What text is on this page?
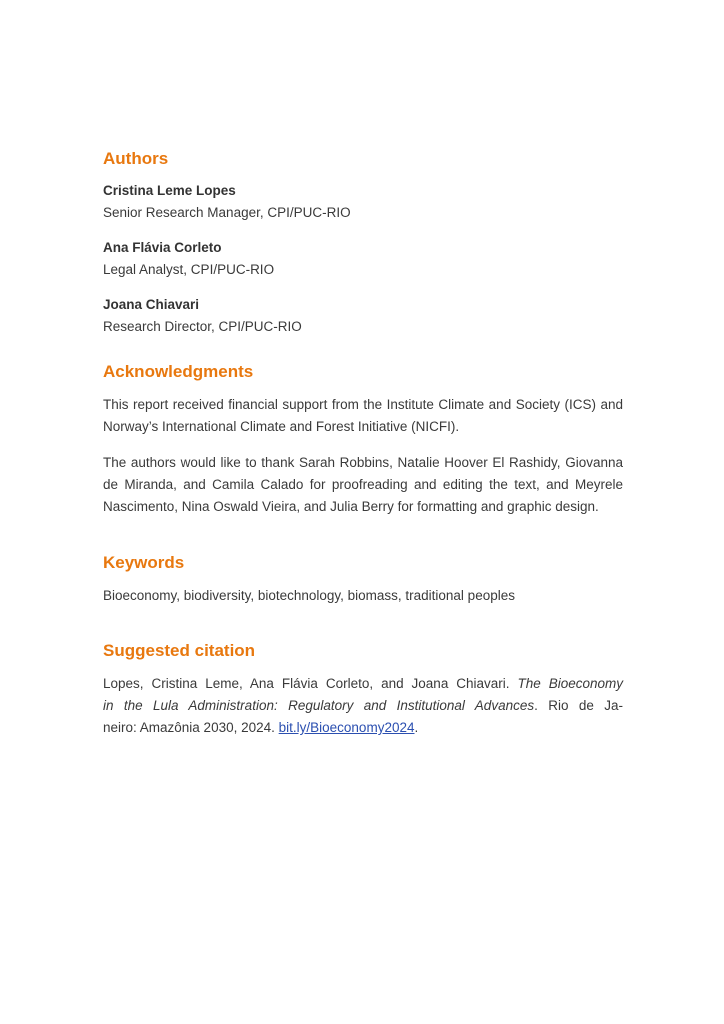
Authors
Cristina Leme Lopes
Senior Research Manager, CPI/PUC-RIO
Ana Flávia Corleto
Legal Analyst, CPI/PUC-RIO
Joana Chiavari
Research Director, CPI/PUC-RIO
Acknowledgments

This report received financial support from the Institute Climate and Society (ICS) and Norway’s International Climate and Forest Initiative (NICFI).

The authors would like to thank Sarah Robbins, Natalie Hoover El Rashidy, Giovanna de Miranda, and Camila Calado for proofreading and editing the text, and Meyrele Nascimento, Nina Oswald Vieira, and Julia Berry for formatting and graphic design.

Keywords

Bioeconomy, biodiversity, biotechnology, biomass, traditional peoples

Suggested citation

Lopes, Cristina Leme, Ana Flávia Corleto, and Joana Chiavari. The Bioeconomy
in the Lula Administration: Regulatory and Institutional Advances. Rio de Ja-
neiro: Amazônia 2030, 2024. bit.ly/Bioeconomy2024.
